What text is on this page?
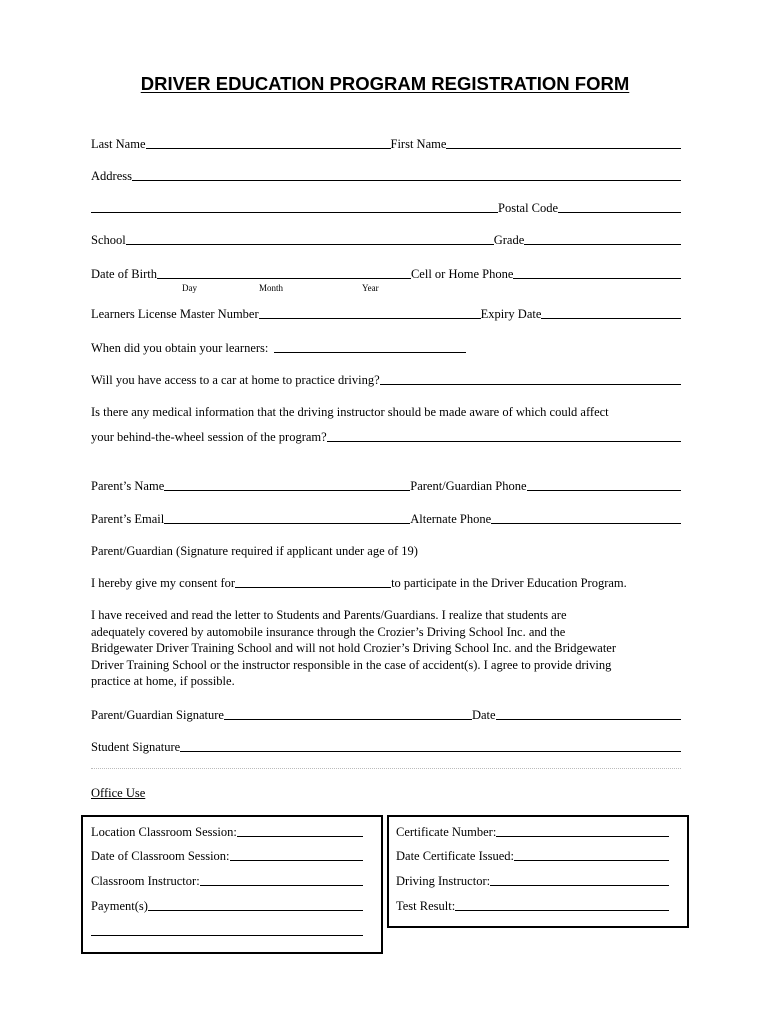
DRIVER EDUCATION PROGRAM REGISTRATION FORM
Last Name	First Name
Address
Postal Code
School	Grade
Date of Birth	Cell or Home Phone
Day	Month	Year
Learners License Master Number	Expiry Date
When did you obtain your learners:
Will you have access to a car at home to practice driving?
Is there any medical information that the driving instructor should be made aware of which could affect
your behind-the-wheel session of the program?
Parent’s Name	Parent/Guardian Phone
Parent’s Email	Alternate Phone
Parent/Guardian (Signature required if applicant under age of 19)
I hereby give my consent for	to participate in the Driver Education Program.
I have received and read the letter to Students and Parents/Guardians. I realize that students are
adequately covered by automobile insurance through the Crozier’s Driving School Inc. and the
Bridgewater Driver Training School and will not hold Crozier’s Driving School Inc. and the Bridgewater
Driver Training School or the instructor responsible in the case of accident(s). I agree to provide driving
practice at home, if possible.
Parent/Guardian Signature	Date
Student Signature
Office Use
Location Classroom Session:
Date of Classroom Session:
Classroom Instructor:
Payment(s)
Certificate Number:
Date Certificate Issued:
Driving Instructor:
Test Result:
